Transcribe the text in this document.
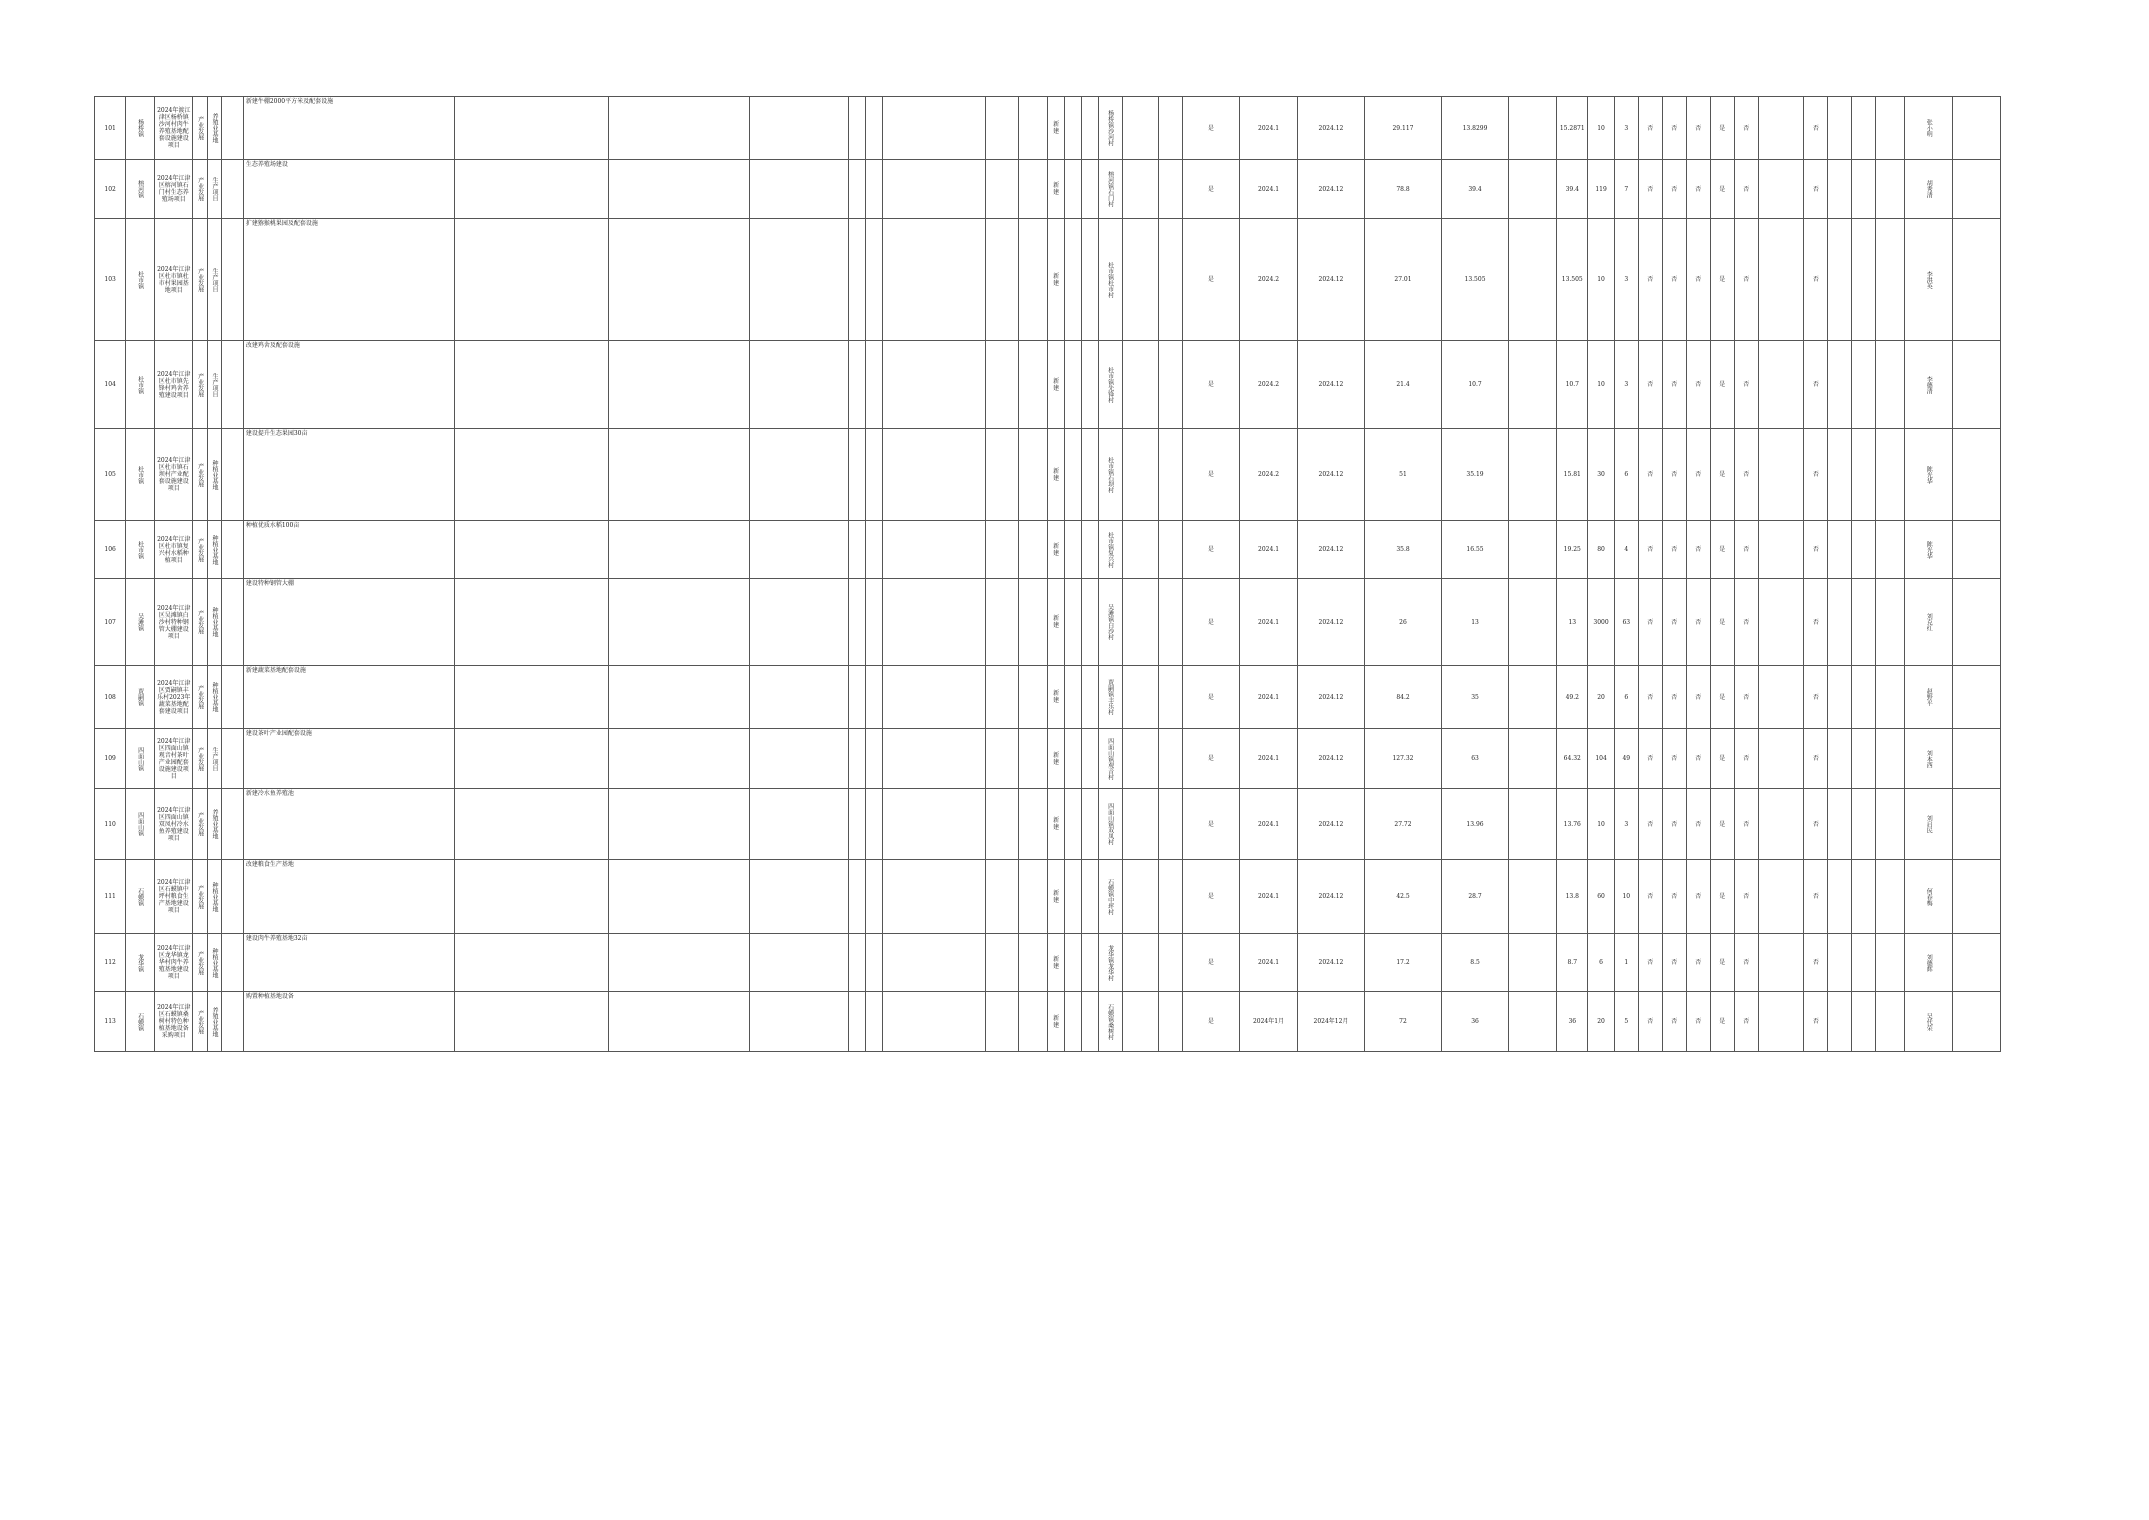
101	杨桥镇	2024年渡江津区杨桥镇沙河村肉牛养殖基地配套设施建设项目	产业发展	养殖业基地		新建牛棚2000平方米及配套设施									新建			杨桥镇沙河村			是	2024.1	2024.12	29.117	13.8299		15.2871	10	3	否	否	否	是	否		否				张小明	

102	榕河镇	2024年江津区榕河镇石门村生态养殖场项目	产业发展	生产项目		生态养殖场建设									新建			榕河镇石门村			是	2024.1	2024.12	78.8	39.4		39.4	119	7	否	否	否	是	否		否				胡秀清	

103	杜市镇	2024年江津区杜市镇杜市村果园基地项目	产业发展	生产项目		扩建猕猴桃果园及配套设施									新建			杜市镇杜市村			是	2024.2	2024.12	27.01	13.505		13.505	10	3	否	否	否	是	否		否				李洪英	

104	杜市镇	2024年江津区杜市镇先锋村鸡舍养殖建设项目	产业发展	生产项目		改建鸡舍及配套设施									新建			杜市镇先锋村			是	2024.2	2024.12	21.4	10.7		10.7	10	3	否	否	否	是	否		否				李德清	

105	杜市镇	2024年江津区杜市镇石坝村产业配套设施建设项目	产业发展	种植业基地		建设提升生态果园30亩									新建			杜市镇石坝村			是	2024.2	2024.12	51	35.19		15.81	30	6	否	否	否	是	否		否				陈光华	

106	杜市镇	2024年江津区杜市镇复兴村水稻种植项目	产业发展	种植业基地		种植优质水稻100亩									新建			杜市镇复兴村			是	2024.1	2024.12	35.8	16.55		19.25	80	4	否	否	否	是	否		否				陈光华	

107	吴滩镇	2024年江津区吴滩镇白沙村特种钢管大棚建设项目	产业发展	种植业基地		建设特种钢管大棚									新建			吴滩镇白沙村			是	2024.1	2024.12	26	13		13	3000	63	否	否	否	是	否		否				刘克红	

108	贾嗣镇	2024年江津区贾嗣镇丰乐村2023年蔬菜基地配套建设项目	产业发展	种植业基地		新建蔬菜基地配套设施									新建			贾嗣镇丰乐村			是	2024.1	2024.12	84.2	35		49.2	20	6	否	否	否	是	否		否				赵野平	

109	四面山镇	2024年江津区四面山镇观音村茶叶产业园配套设施建设项目	产业发展	生产项目		建设茶叶产业园配套设施									新建			四面山镇观音村			是	2024.1	2024.12	127.32	63		64.32	104	49	否	否	否	是	否		否				刘本西	

110	四面山镇	2024年江津区四面山镇双凤村冷水鱼养殖建设项目	产业发展	养殖业基地		新建冷水鱼养殖池									新建			四面山镇双凤村			是	2024.1	2024.12	27.72	13.96		13.76	10	3	否	否	否	是	否		否				刘启民	

111	石蟆镇	2024年江津区石蟆镇中坪村粮食生产基地建设项目	产业发展	种植业基地		改建粮食生产基地									新建			石蟆镇中坪村			是	2024.1	2024.12	42.5	28.7		13.8	60	10	否	否	否	是	否		否				何春梅	

112	龙华镇	2024年江津区龙华镇龙华村肉牛养殖基地建设项目	产业发展	种植业基地		建设肉牛养殖基地32亩									新建			龙华镇龙华村			是	2024.1	2024.12	17.2	8.5		8.7	6	1	否	否	否	是	否		否				刘德辉	

113	石蟆镇	2024年江津区石蟆镇桑树村特色种植基地设备采购项目	产业发展	养殖业基地		购置种植基地设备									新建			石蟆镇桑树村			是	2024年1月	2024年12月	72	36		36	20	5	否	否	否	是	否		否				吴代荣	
